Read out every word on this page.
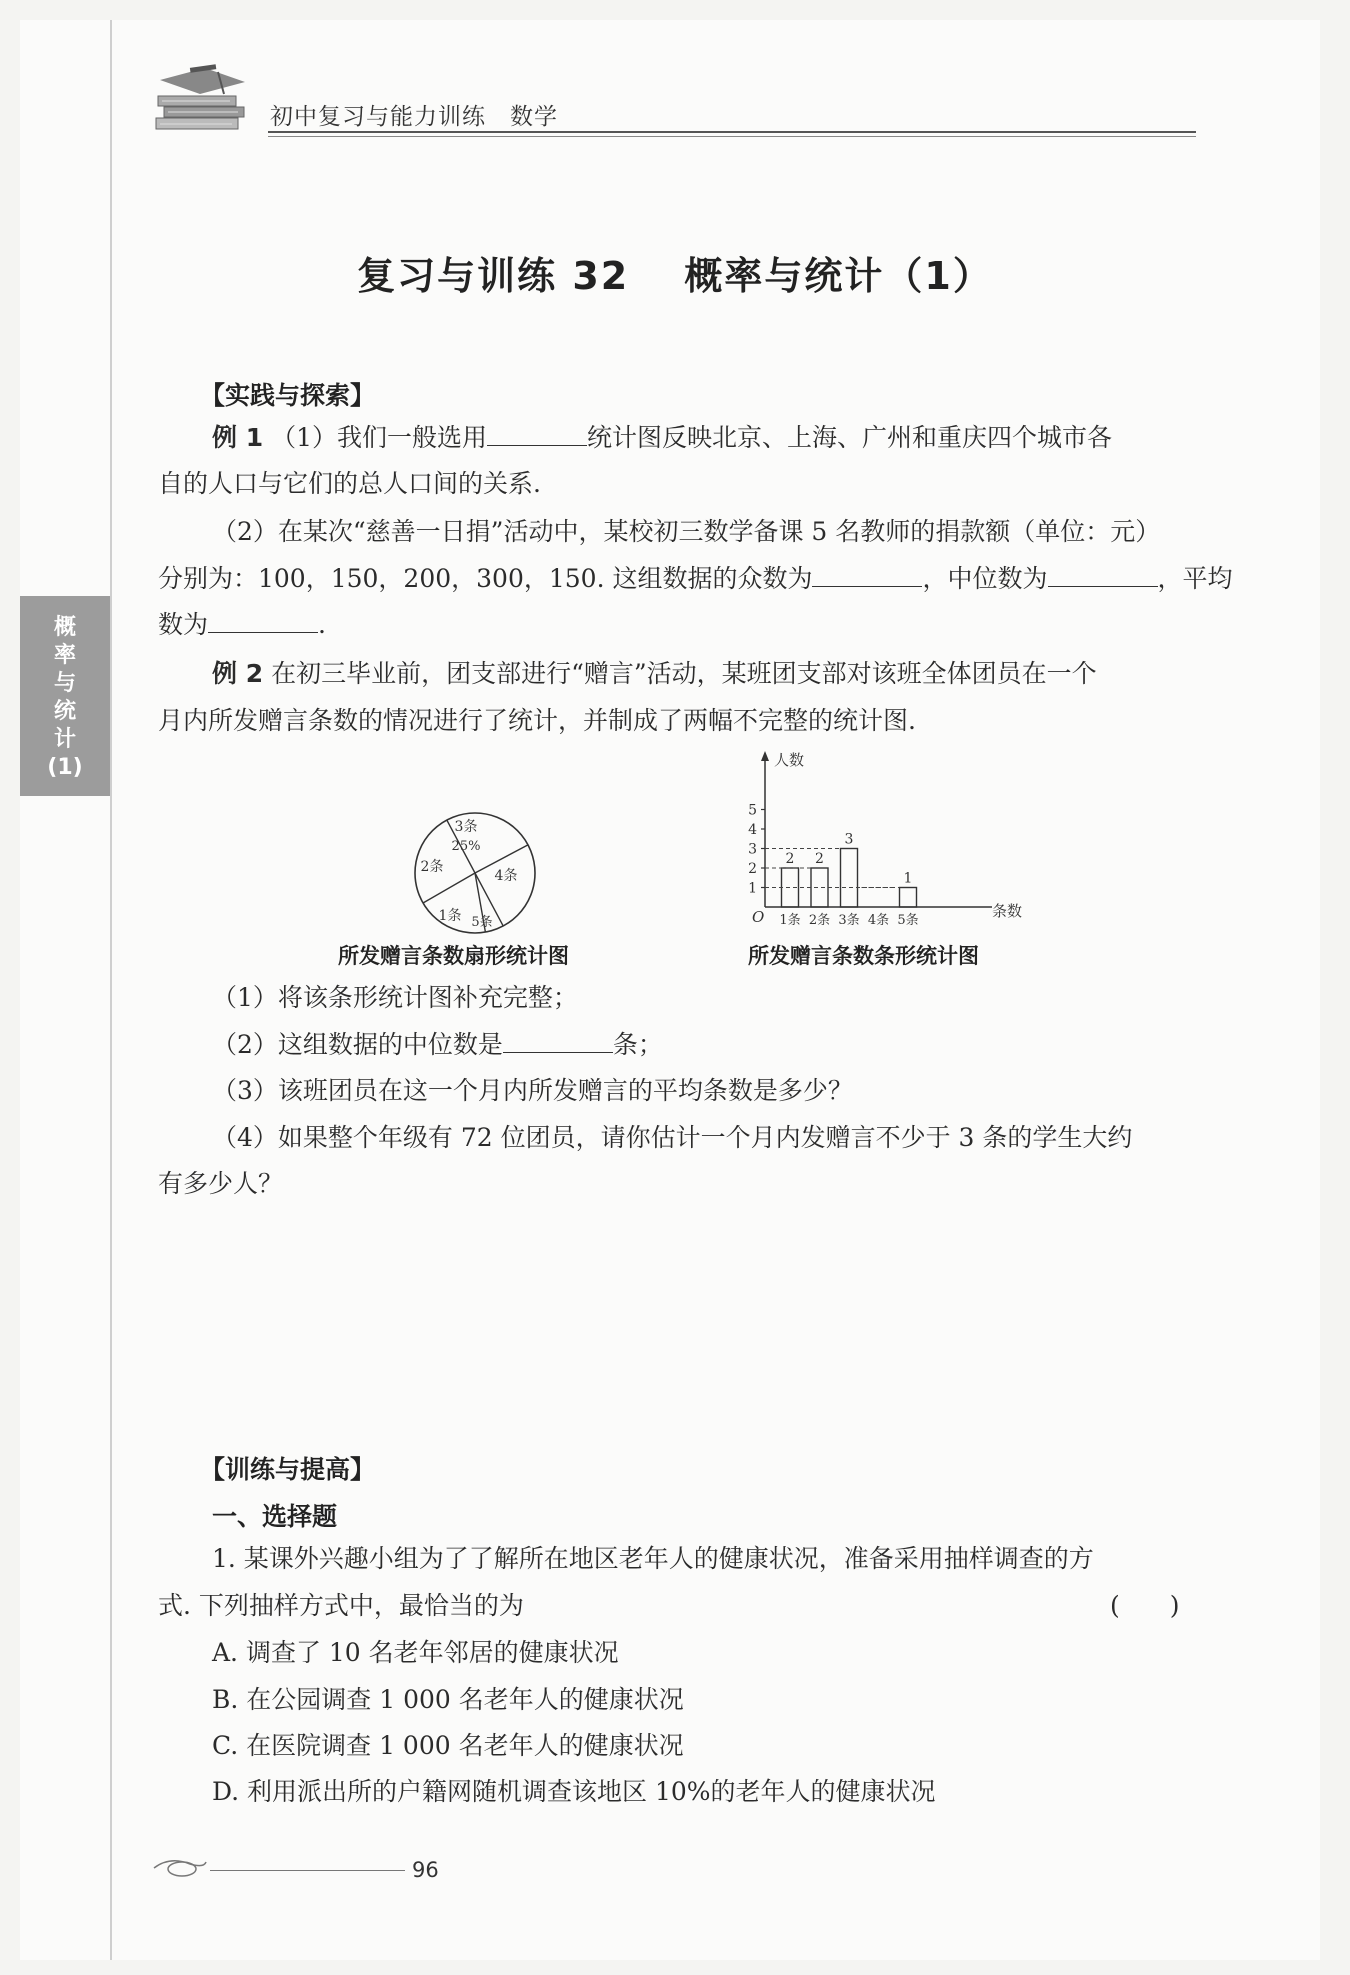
初中复习与能力训练　数学
复习与训练 32　 概率与统计（1）
概
率
与
统
计
(1)
【实践与探索】
例 1 （1）我们一般选用	统计图反映北京、上海、广州和重庆四个城市各
自的人口与它们的总人口间的关系.
（2）在某次“慈善一日捐”活动中，某校初三数学备课 5 名教师的捐款额（单位：元）
分别为：100，150，200，300，150. 这组数据的众数为	，中位数为	，平均
数为	.
例 2 在初三毕业前，团支部进行“赠言”活动，某班团支部对该班全体团员在一个
月内所发赠言条数的情况进行了统计，并制成了两幅不完整的统计图.
3条
25%
4条
5条
1条
2条
所发赠言条数扇形统计图
人数
条数
O
1
2
3
4
5
2 2
3
1
1条 2条 3条 4条 5条
所发赠言条数条形统计图
（1）将该条形统计图补充完整；
（2）这组数据的中位数是	条；
（3）该班团员在这一个月内所发赠言的平均条数是多少？
（4）如果整个年级有 72 位团员，请你估计一个月内发赠言不少于 3 条的学生大约
有多少人？
【训练与提高】
一、选择题
1. 某课外兴趣小组为了了解所在地区老年人的健康状况，准备采用抽样调查的方
式. 下列抽样方式中，最恰当的为	(　　)
A. 调查了 10 名老年邻居的健康状况
B. 在公园调查 1 000 名老年人的健康状况
C. 在医院调查 1 000 名老年人的健康状况
D. 利用派出所的户籍网随机调查该地区 10%的老年人的健康状况
96
